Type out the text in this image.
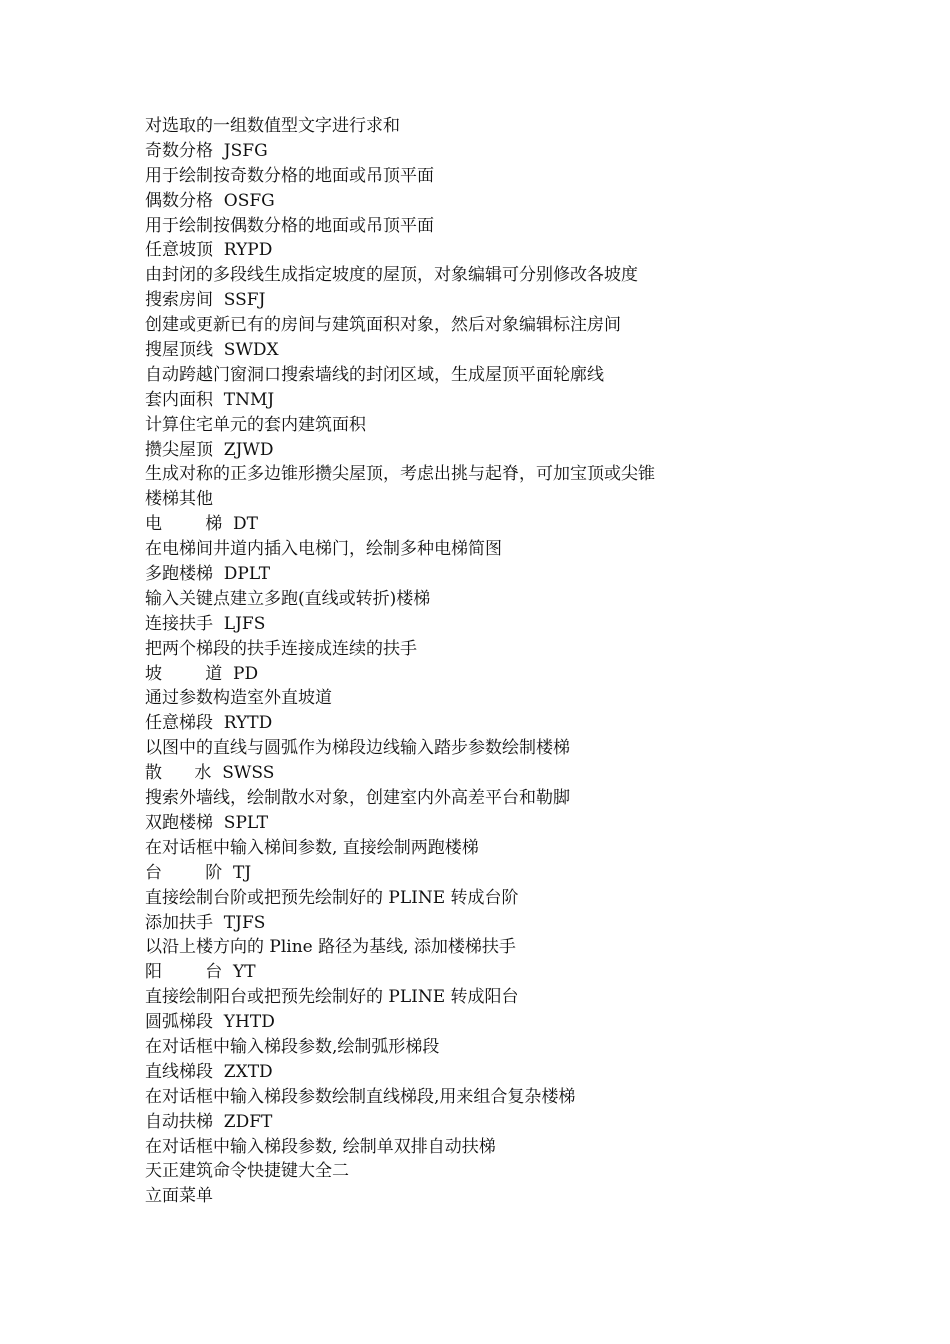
对选取的一组数值型文字进行求和
奇数分格  JSFG
用于绘制按奇数分格的地面或吊顶平面
偶数分格  OSFG
用于绘制按偶数分格的地面或吊顶平面
任意坡顶  RYPD
由封闭的多段线生成指定坡度的屋顶，对象编辑可分别修改各坡度
搜索房间  SSFJ
创建或更新已有的房间与建筑面积对象，然后对象编辑标注房间
搜屋顶线  SWDX
自动跨越门窗洞口搜索墙线的封闭区域，生成屋顶平面轮廓线
套内面积  TNMJ
计算住宅单元的套内建筑面积
攒尖屋顶  ZJWD
生成对称的正多边锥形攒尖屋顶，考虑出挑与起脊，可加宝顶或尖锥
楼梯其他
电        梯  DT
在电梯间井道内插入电梯门，绘制多种电梯简图
多跑楼梯  DPLT
输入关键点建立多跑(直线或转折)楼梯
连接扶手  LJFS
把两个梯段的扶手连接成连续的扶手
坡        道  PD
通过参数构造室外直坡道
任意梯段  RYTD
以图中的直线与圆弧作为梯段边线输入踏步参数绘制楼梯
散      水  SWSS
搜索外墙线，绘制散水对象，创建室内外高差平台和勒脚
双跑楼梯  SPLT
在对话框中输入梯间参数, 直接绘制两跑楼梯
台        阶  TJ
直接绘制台阶或把预先绘制好的 PLINE 转成台阶
添加扶手  TJFS
以沿上楼方向的 Pline 路径为基线, 添加楼梯扶手
阳        台  YT
直接绘制阳台或把预先绘制好的 PLINE 转成阳台
圆弧梯段  YHTD
在对话框中输入梯段参数,绘制弧形梯段
直线梯段  ZXTD
在对话框中输入梯段参数绘制直线梯段,用来组合复杂楼梯
自动扶梯  ZDFT
在对话框中输入梯段参数, 绘制单双排自动扶梯
天正建筑命令快捷键大全二
立面菜单
